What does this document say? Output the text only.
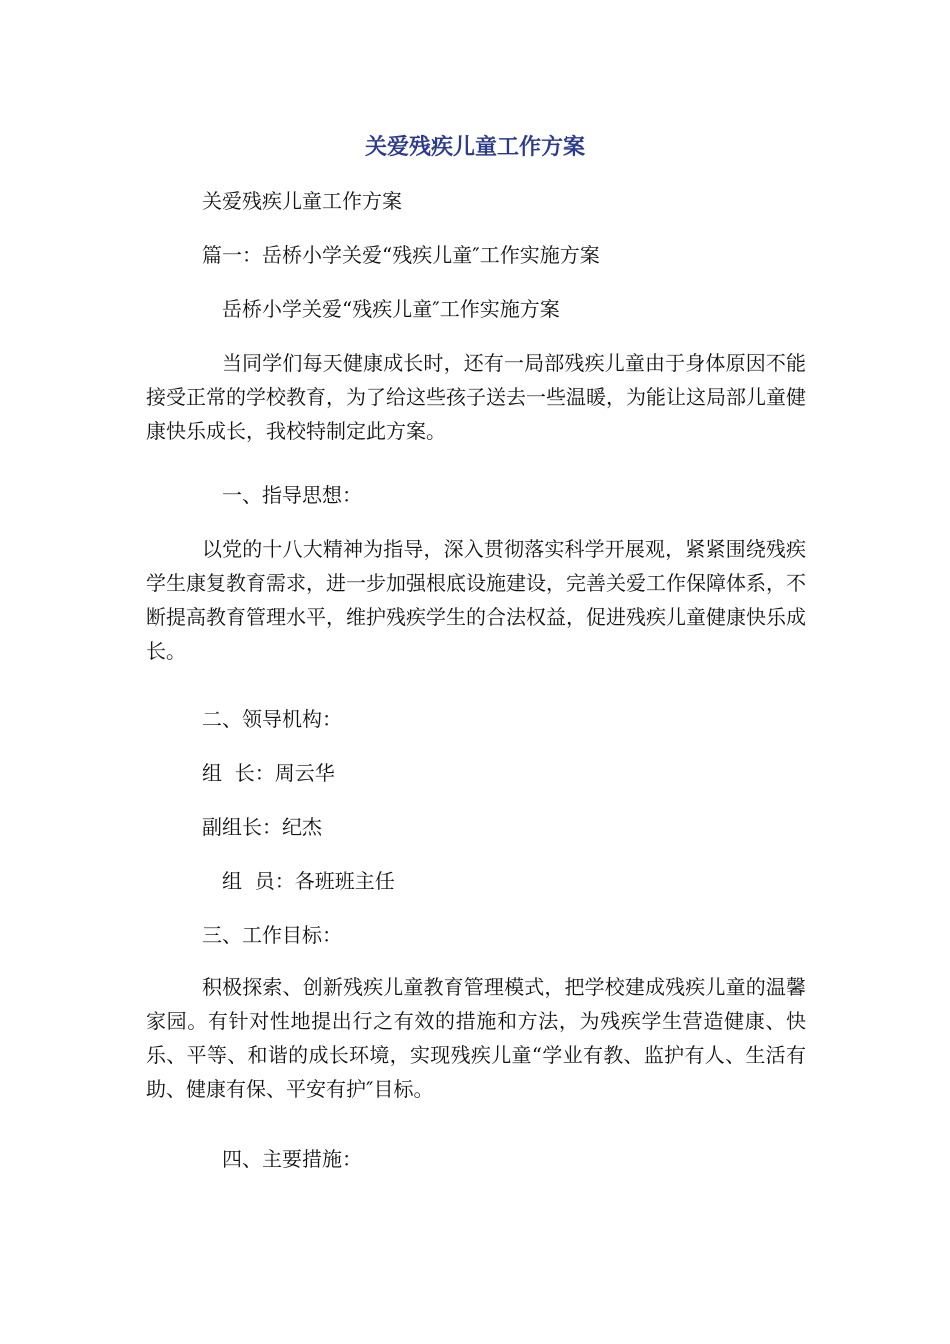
关爱残疾儿童工作方案

关爱残疾儿童工作方案

篇一：岳桥小学关爱“残疾儿童″工作实施方案

岳桥小学关爱“残疾儿童″工作实施方案

当同学们每天健康成长时，还有一局部残疾儿童由于身体原因不能接受正常的学校教育，为了给这些孩子送去一些温暖，为能让这局部儿童健康快乐成长，我校特制定此方案。

一、指导思想：

以党的十八大精神为指导，深入贯彻落实科学开展观，紧紧围绕残疾学生康复教育需求，进一步加强根底设施建设，完善关爱工作保障体系，不断提高教育管理水平，维护残疾学生的合法权益，促进残疾儿童健康快乐成长。

二、领导机构：

组  长：周云华

副组长：纪杰

组  员：各班班主任

三、工作目标：

积极探索、创新残疾儿童教育管理模式，把学校建成残疾儿童的温馨家园。有针对性地提出行之有效的措施和方法，为残疾学生营造健康、快乐、平等、和谐的成长环境，实现残疾儿童“学业有教、监护有人、生活有助、健康有保、平安有护″目标。

四、主要措施：
